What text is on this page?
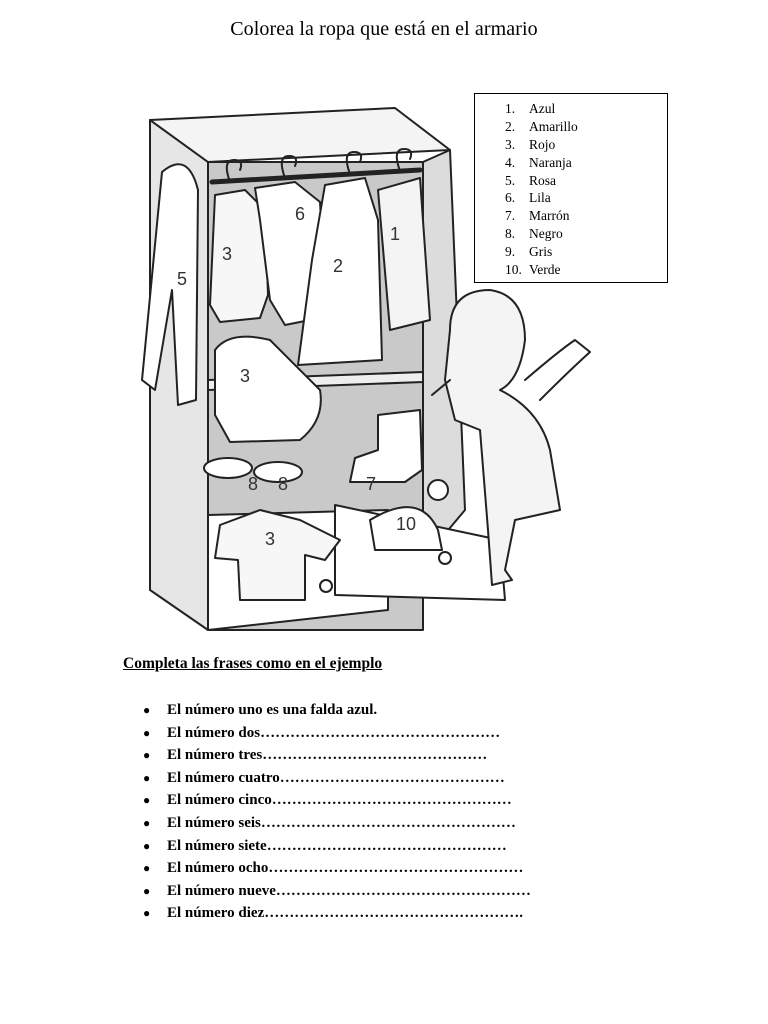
Colorea la ropa que está en el armario
3
6
2
1
5
3
8 8	7
10
3
1. Azul
2. Amarillo
3. Rojo
4. Naranja
5. Rosa
6. Lila
7. Marrón
8. Negro
9. Gris
10. Verde
Completa las frases como en el ejemplo
● El número uno es una falda azul.
● El número dos…………………………………………
● El número tres………………………………………
● El número cuatro………………………………………
● El número cinco…………………………………………
● El número seis……………………………………………
● El número siete…………………………………………
● El número ocho……………………………………………
● El número nueve……………………………………………
● El número diez…………………………………………….
